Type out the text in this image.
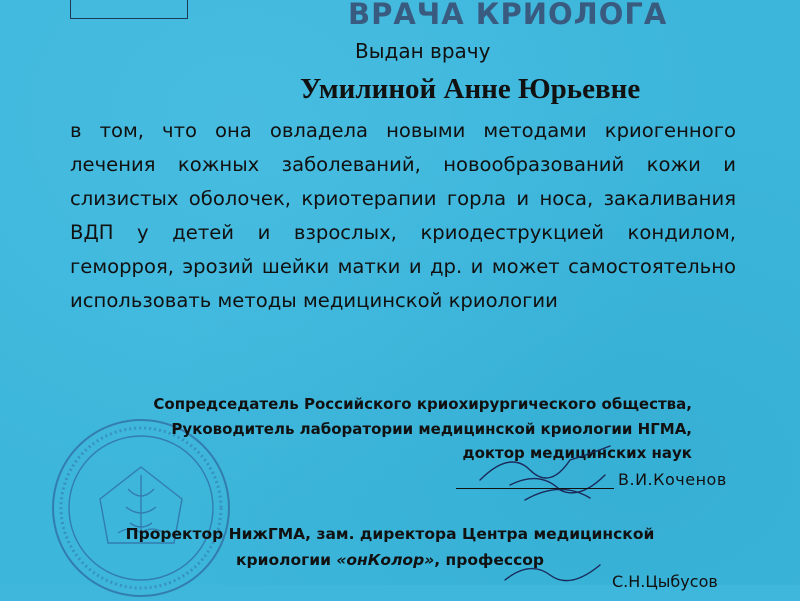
ВРАЧА КРИОЛОГА
Выдан врачу
Умилиной Анне Юрьевне

в том, что она овладела новыми методами криогенного лечения кожных заболеваний, новообразований кожи и слизистых оболочек, криотерапии горла и носа, закаливания ВДП у детей и взрослых, криодеструкцией кондилом, геморроя, эрозий шейки матки и др. и может самостоятельно использовать методы медицинской криологии

Сопредседатель Российского криохирургического общества,
Руководитель лаборатории медицинской криологии НГМА,
доктор медицинских наук

В.И.Коченов

Проректор НижГМА, зам. директора Центра медицинской
криологии «онКолор», профессор

С.Н.Цыбусов
